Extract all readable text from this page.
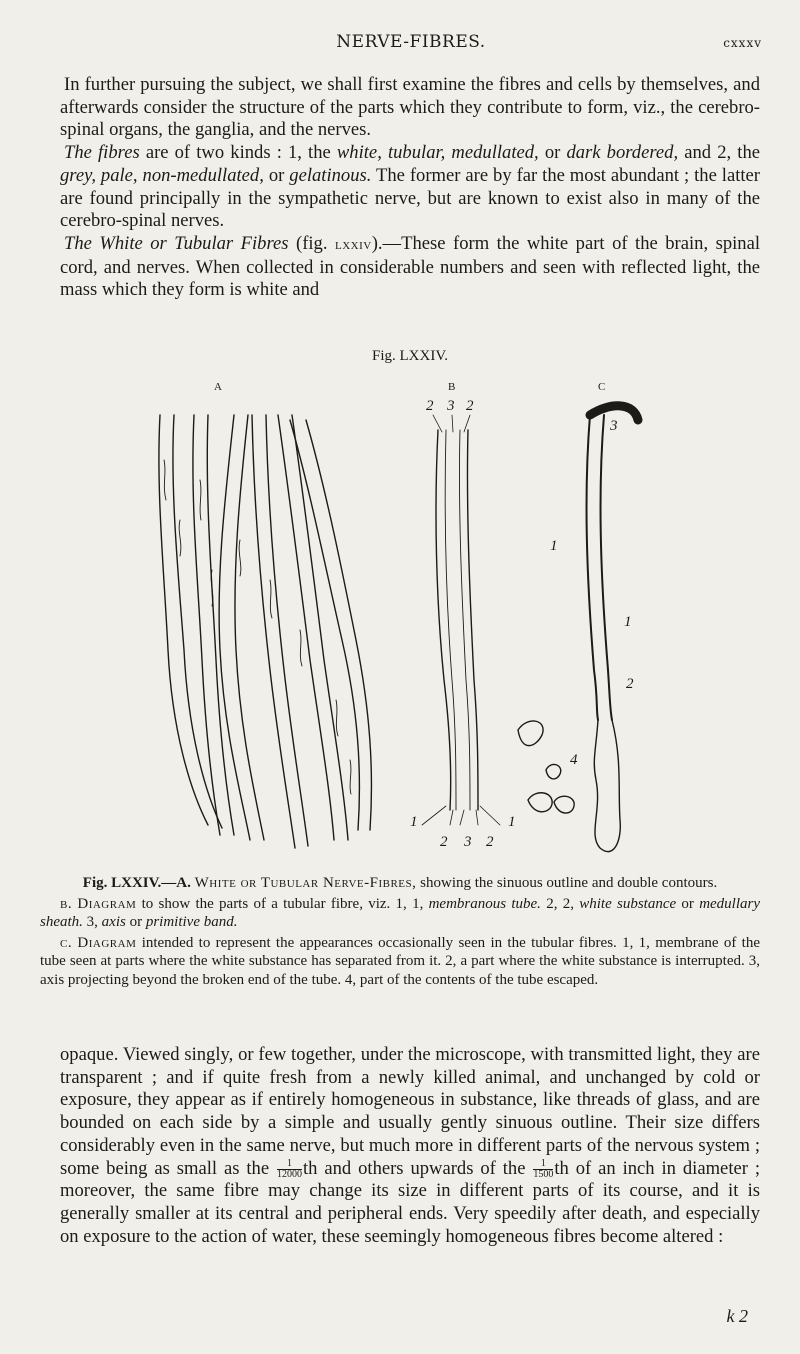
NERVE-FIBRES.	cxxxv

In further pursuing the subject, we shall first examine the fibres and cells by themselves, and afterwards consider the structure of the parts which they contribute to form, viz., the cerebro-spinal organs, the ganglia, and the nerves.

The fibres are of two kinds : 1, the white, tubular, medullated, or dark bordered, and 2, the grey, pale, non-medullated, or gelatinous. The former are by far the most abundant ; the latter are found principally in the sympathetic nerve, but are known to exist also in many of the cerebro-spinal nerves.

The White or Tubular Fibres (fig. lxxiv).—These form the white part of the brain, spinal cord, and nerves. When collected in considerable numbers and seen with reflected light, the mass which they form is white and

Fig. LXXIV.
A	B	C
2 3 2
1
2 3 2
1
3
1
1
2
4

Fig. LXXIV.—A. White or Tubular Nerve-Fibres, showing the sinuous outline and double contours.

b. Diagram to show the parts of a tubular fibre, viz. 1, 1, membranous tube. 2, 2, white substance or medullary sheath. 3, axis or primitive band.

c. Diagram intended to represent the appearances occasionally seen in the tubular fibres. 1, 1, membrane of the tube seen at parts where the white substance has separated from it. 2, a part where the white substance is interrupted. 3, axis projecting beyond the broken end of the tube. 4, part of the contents of the tube escaped.

opaque. Viewed singly, or few together, under the microscope, with transmitted light, they are transparent ; and if quite fresh from a newly killed animal, and unchanged by cold or exposure, they appear as if entirely homogeneous in substance, like threads of glass, and are bounded on each side by a simple and usually gently sinuous outline. Their size differs considerably even in the same nerve, but much more in different parts of the nervous system ; some being as small as the $\frac{1}{12000}$ th and others upwards of the $\frac{1}{1500}$ th of an inch in diameter ; moreover, the same fibre may change its size in different parts of its course, and it is generally smaller at its central and peripheral ends. Very speedily after death, and especially on exposure to the action of water, these seemingly homogeneous fibres become altered :

k 2
